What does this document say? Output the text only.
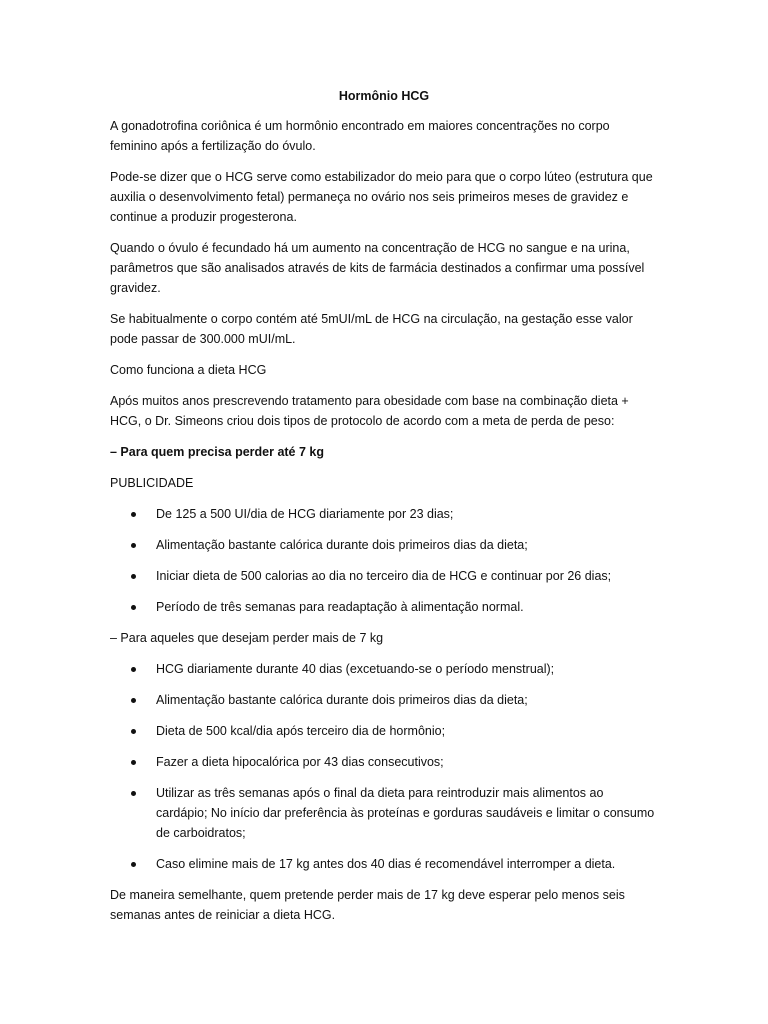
Hormônio HCG

A gonadotrofina coriônica é um hormônio encontrado em maiores concentrações no corpo feminino após a fertilização do óvulo.

Pode-se dizer que o HCG serve como estabilizador do meio para que o corpo lúteo (estrutura que auxilia o desenvolvimento fetal) permaneça no ovário nos seis primeiros meses de gravidez e continue a produzir progesterona.

Quando o óvulo é fecundado há um aumento na concentração de HCG no sangue e na urina, parâmetros que são analisados através de kits de farmácia destinados a confirmar uma possível gravidez.

Se habitualmente o corpo contém até 5mUI/mL de HCG na circulação, na gestação esse valor pode passar de 300.000 mUI/mL.

Como funciona a dieta HCG

Após muitos anos prescrevendo tratamento para obesidade com base na combinação dieta + HCG, o Dr. Simeons criou dois tipos de protocolo de acordo com a meta de perda de peso:

– Para quem precisa perder até 7 kg

PUBLICIDADE

De 125 a 500 UI/dia de HCG diariamente por 23 dias;
Alimentação bastante calórica durante dois primeiros dias da dieta;
Iniciar dieta de 500 calorias ao dia no terceiro dia de HCG e continuar por 26 dias;
Período de três semanas para readaptação à alimentação normal.

– Para aqueles que desejam perder mais de 7 kg

HCG diariamente durante 40 dias (excetuando-se o período menstrual);
Alimentação bastante calórica durante dois primeiros dias da dieta;
Dieta de 500 kcal/dia após terceiro dia de hormônio;
Fazer a dieta hipocalórica por 43 dias consecutivos;
Utilizar as três semanas após o final da dieta para reintroduzir mais alimentos ao cardápio; No início dar preferência às proteínas e gorduras saudáveis e limitar o consumo de carboidratos;
Caso elimine mais de 17 kg antes dos 40 dias é recomendável interromper a dieta.

De maneira semelhante, quem pretende perder mais de 17 kg deve esperar pelo menos seis semanas antes de reiniciar a dieta HCG.
